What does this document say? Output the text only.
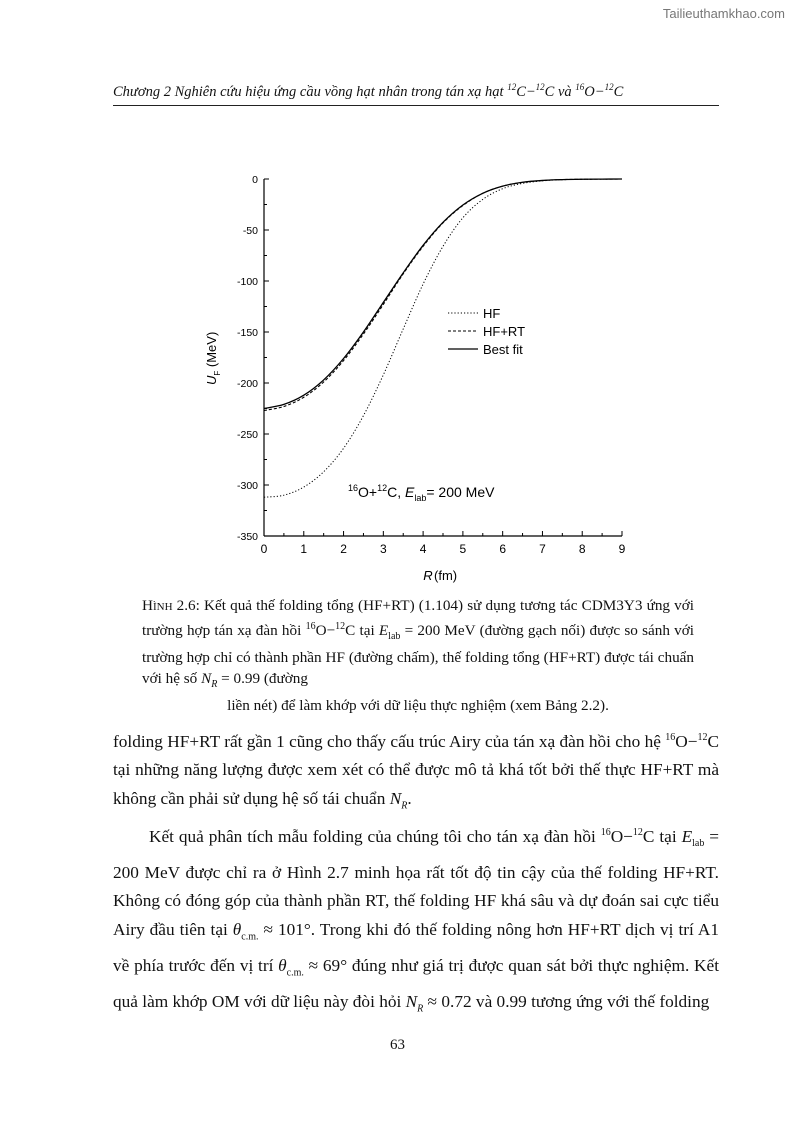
Tailieuthamkhao.com
Chương 2 Nghiên cứu hiệu ứng cầu vồng hạt nhân trong tán xạ hạt $^{12}$C−$^{12}$C và $^{16}$O−$^{12}$C
0
-50
-100
-150
-200
-250
-300
-350
0	1	2	3	4	5	6	7	8	9
HF
HF+RT
Best fit
$^{16}$O+$^{12}$C, $E_{lab}= 200$ MeV
R (fm)
$U_F$ (MeV)
Hình 2.6: Kết quả thế folding tổng (HF+RT) (1.104) sử dụng tương tác CDM3Y3 ứng với trường hợp tán xạ đàn hồi $^{16}$O−$^{12}$C tại $E_{lab} = 200$ MeV (đường gạch nối) được so sánh với trường hợp chỉ có thành phần HF (đường chấm), thế folding tổng (HF+RT) được tái chuẩn với hệ số $N_R = 0.99$ (đường
liền nét) để làm khớp với dữ liệu thực nghiệm (xem Bảng 2.2).
folding HF+RT rất gần 1 cũng cho thấy cấu trúc Airy của tán xạ đàn hồi cho hệ $^{16}$O−$^{12}$C tại những năng lượng được xem xét có thể được mô tả khá tốt bởi thế thực HF+RT mà không cần phải sử dụng hệ số tái chuẩn $N_R$.
Kết quả phân tích mẫu folding của chúng tôi cho tán xạ đàn hồi $^{16}$O−$^{12}$C tại $E_{lab} = 200$ MeV được chỉ ra ở Hình 2.7 minh họa rất tốt độ tin cậy của thế folding HF+RT. Không có đóng góp của thành phần RT, thế folding HF khá sâu và dự đoán sai cực tiểu Airy đầu tiên tại $\theta_{c.m.} \approx 101^\circ$. Trong khi đó thế folding nông hơn HF+RT dịch vị trí A1 về phía trước đến vị trí $\theta_{c.m.} \approx 69^\circ$ đúng như giá trị được quan sát bởi thực nghiệm. Kết quả làm khớp OM với dữ liệu này đòi hỏi $N_R \approx 0.72$ và 0.99 tương ứng với thế folding
63
